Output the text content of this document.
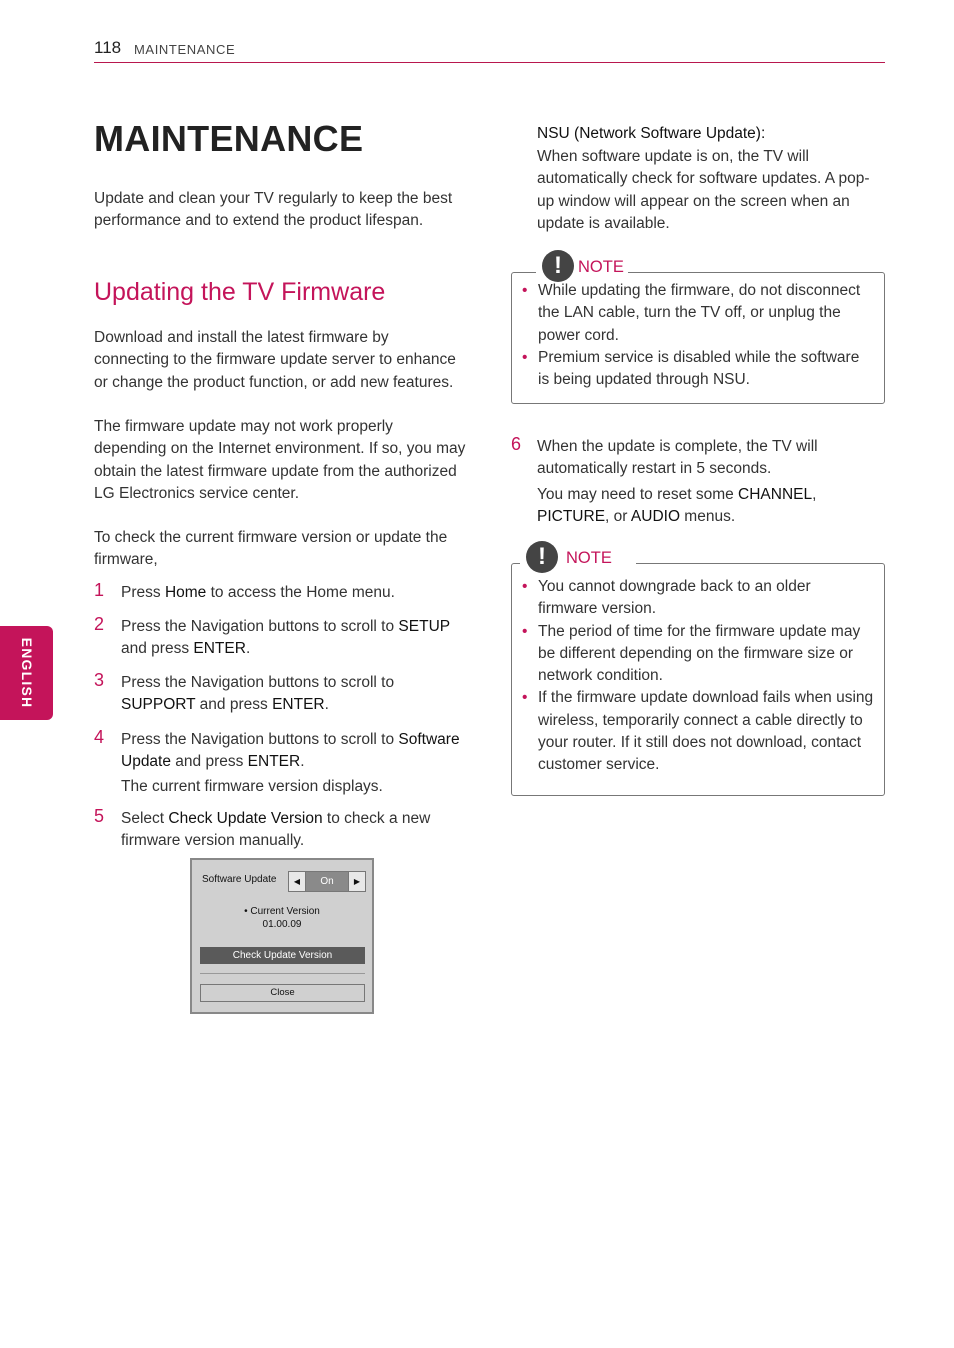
118 MAINTENANCE
ENGLISH
MAINTENANCE

Update and clean your TV regularly to keep the best performance and to extend the product lifespan.

Updating the TV Firmware

Download and install the latest firmware by connecting to the firmware update server to enhance or change the product function, or add new features.

The firmware update may not work properly depending on the Internet environment. If so, you may obtain the latest firmware update from the authorized LG Electronics service center.

To check the current firmware version or update the firmware,

1 Press Home to access the Home menu.
2 Press the Navigation buttons to scroll to SETUP and press ENTER.
3 Press the Navigation buttons to scroll to SUPPORT and press ENTER.
4 Press the Navigation buttons to scroll to Software Update and press ENTER.
The current firmware version displays.
5 Select Check Update Version to check a new firmware version manually.
Software Update	◀	On	▶
• Current Version
01.00.09
Check Update Version
Close
NSU (Network Software Update):

When software update is on, the TV will automatically check for software updates. A pop-up window will appear on the screen when an update is available.

! NOTE
• While updating the firmware, do not disconnect the LAN cable, turn the TV off, or unplug the power cord.
• Premium service is disabled while the software is being updated through NSU.
6 When the update is complete, the TV will automatically restart in 5 seconds.
You may need to reset some CHANNEL, PICTURE, or AUDIO menus.
!	NOTE
• You cannot downgrade back to an older firmware version.
• The period of time for the firmware update may be different depending on the firmware size or network condition.
• If the firmware update download fails when using wireless, temporarily connect a cable directly to your router. If it still does not download, contact customer service.
